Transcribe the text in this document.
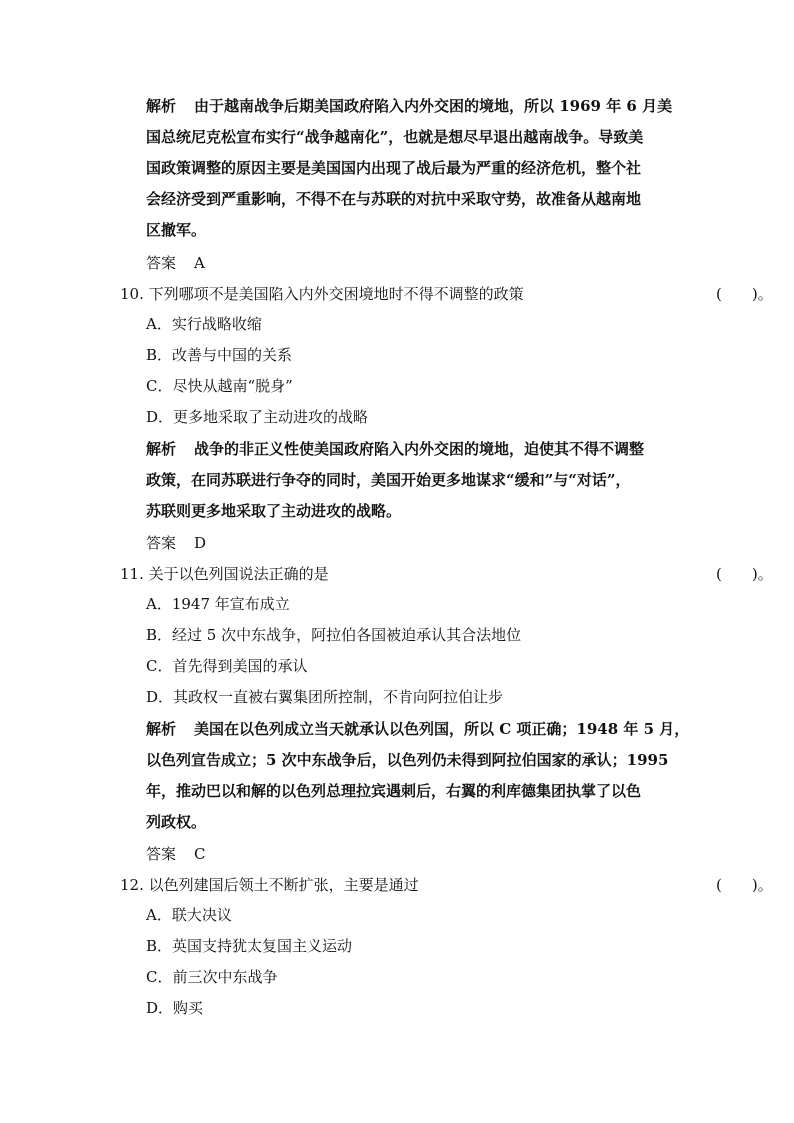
解析 由于越南战争后期美国政府陷入内外交困的境地，所以 1969 年 6 月美
国总统尼克松宣布实行“战争越南化”，也就是想尽早退出越南战争。导致美
国政策调整的原因主要是美国国内出现了战后最为严重的经济危机，整个社
会经济受到严重影响，不得不在与苏联的对抗中采取守势，故准备从越南地
区撤军。
答案 A
10. 下列哪项不是美国陷入内外交困境地时不得不调整的政策	(　　)。
A．实行战略收缩
B．改善与中国的关系
C．尽快从越南“脱身”
D．更多地采取了主动进攻的战略
解析 战争的非正义性使美国政府陷入内外交困的境地，迫使其不得不调整
政策，在同苏联进行争夺的同时，美国开始更多地谋求“缓和”与“对话”，
苏联则更多地采取了主动进攻的战略。
答案 D
11. 关于以色列国说法正确的是	(　　)。
A．1947 年宣布成立
B．经过 5 次中东战争，阿拉伯各国被迫承认其合法地位
C．首先得到美国的承认
D．其政权一直被右翼集团所控制，不肯向阿拉伯让步
解析 美国在以色列成立当天就承认以色列国，所以 C 项正确；1948 年 5 月，
以色列宣告成立；5 次中东战争后，以色列仍未得到阿拉伯国家的承认；1995
年，推动巴以和解的以色列总理拉宾遇刺后，右翼的利库德集团执掌了以色
列政权。
答案 C
12. 以色列建国后领土不断扩张，主要是通过	(　　)。
A．联大决议
B．英国支持犹太复国主义运动
C．前三次中东战争
D．购买
